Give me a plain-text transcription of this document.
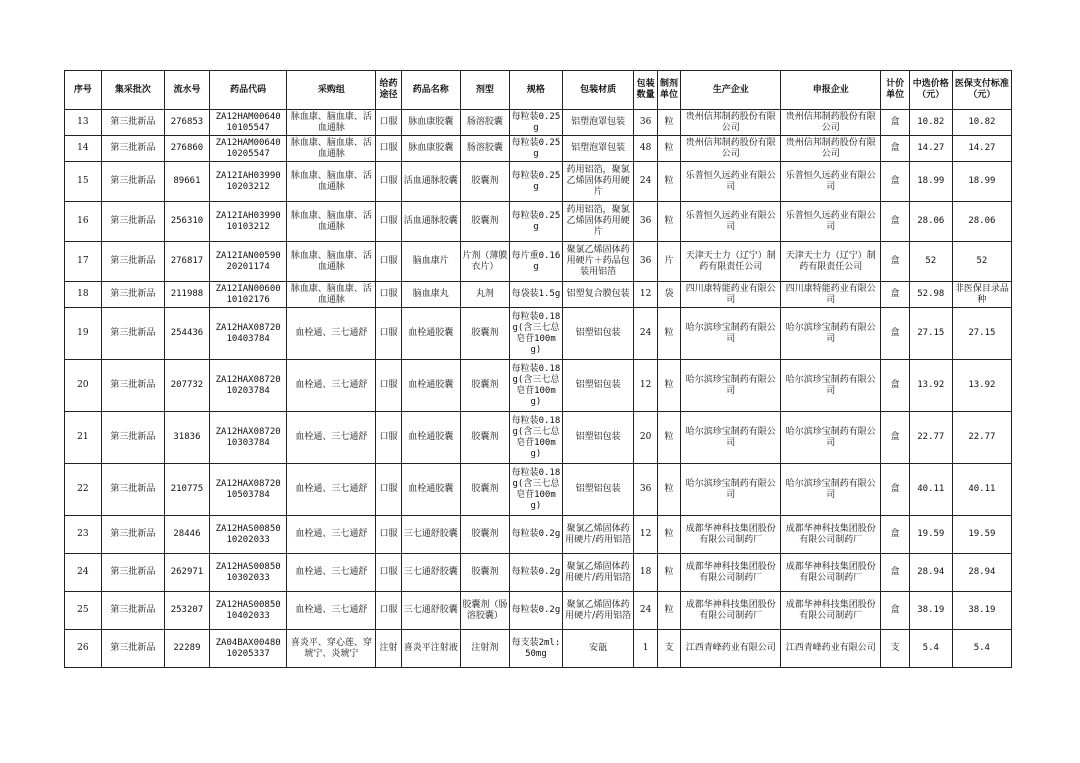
序号	集采批次	流水号	药品代码	采购组	给药途径	药品名称	剂型	规格	包装材质	包装数量	制剂单位	生产企业	申报企业	计价单位	中选价格（元）	医保支付标准（元）
13	第三批新品	276853	ZA12HAM00640 10105547	脉血康、脑血康、活血通脉	口服	脉血康胶囊	肠溶胶囊	每粒装0.25g	铝塑泡罩包装	36	粒	贵州信邦制药股份有限公司	贵州信邦制药股份有限公司	盒	10.82	10.82
14	第三批新品	276860	ZA12HAM00640 10205547	脉血康、脑血康、活血通脉	口服	脉血康胶囊	肠溶胶囊	每粒装0.25g	铝塑泡罩包装	48	粒	贵州信邦制药股份有限公司	贵州信邦制药股份有限公司	盒	14.27	14.27
15	第三批新品	89661	ZA12IAH03990 10203212	脉血康、脑血康、活血通脉	口服	活血通脉胶囊	胶囊剂	每粒装0.25g	药用铝箔，聚氯乙烯固体药用硬片	24	粒	乐普恒久远药业有限公司	乐普恒久远药业有限公司	盒	18.99	18.99
16	第三批新品	256310	ZA12IAH03990 10103212	脉血康、脑血康、活血通脉	口服	活血通脉胶囊	胶囊剂	每粒装0.25g	药用铝箔，聚氯乙烯固体药用硬片	36	粒	乐普恒久远药业有限公司	乐普恒久远药业有限公司	盒	28.06	28.06
17	第三批新品	276817	ZA12IAN00590 20201174	脉血康、脑血康、活血通脉	口服	脑血康片	片剂（薄膜衣片）	每片重0.16g	聚氯乙烯固体药用硬片＋药品包装用铝箔	36	片	天津天士力（辽宁）制药有限责任公司	天津天士力（辽宁）制药有限责任公司	盒	52	52
18	第三批新品	211988	ZA12IAN00600 10102176	脉血康、脑血康、活血通脉	口服	脑血康丸	丸剂	每袋装1.5g	铝塑复合膜包装	12	袋	四川康特能药业有限公司	四川康特能药业有限公司	盒	52.98	非医保目录品种
19	第三批新品	254436	ZA12HAX08720 10403784	血栓通、三七通舒	口服	血栓通胶囊	胶囊剂	每粒装0.18g(含三七总皂苷100mg)	铝塑铝包装	24	粒	哈尔滨珍宝制药有限公司	哈尔滨珍宝制药有限公司	盒	27.15	27.15
20	第三批新品	207732	ZA12HAX08720 10203784	血栓通、三七通舒	口服	血栓通胶囊	胶囊剂	每粒装0.18g(含三七总皂苷100mg)	铝塑铝包装	12	粒	哈尔滨珍宝制药有限公司	哈尔滨珍宝制药有限公司	盒	13.92	13.92
21	第三批新品	31836	ZA12HAX08720 10303784	血栓通、三七通舒	口服	血栓通胶囊	胶囊剂	每粒装0.18g(含三七总皂苷100mg)	铝塑铝包装	20	粒	哈尔滨珍宝制药有限公司	哈尔滨珍宝制药有限公司	盒	22.77	22.77
22	第三批新品	210775	ZA12HAX08720 10503784	血栓通、三七通舒	口服	血栓通胶囊	胶囊剂	每粒装0.18g(含三七总皂苷100mg)	铝塑铝包装	36	粒	哈尔滨珍宝制药有限公司	哈尔滨珍宝制药有限公司	盒	40.11	40.11
23	第三批新品	28446	ZA12HAS00850 10202033	血栓通、三七通舒	口服	三七通舒胶囊	胶囊剂	每粒装0.2g	聚氯乙烯固体药用硬片/药用铝箔	12	粒	成都华神科技集团股份有限公司制药厂	成都华神科技集团股份有限公司制药厂	盒	19.59	19.59
24	第三批新品	262971	ZA12HAS00850 10302033	血栓通、三七通舒	口服	三七通舒胶囊	胶囊剂	每粒装0.2g	聚氯乙烯固体药用硬片/药用铝箔	18	粒	成都华神科技集团股份有限公司制药厂	成都华神科技集团股份有限公司制药厂	盒	28.94	28.94
25	第三批新品	253207	ZA12HAS00850 10402033	血栓通、三七通舒	口服	三七通舒胶囊	胶囊剂（肠溶胶囊）	每粒装0.2g	聚氯乙烯固体药用硬片/药用铝箔	24	粒	成都华神科技集团股份有限公司制药厂	成都华神科技集团股份有限公司制药厂	盒	38.19	38.19
26	第三批新品	22289	ZA04BAX00480 10205337	喜炎平、穿心莲、穿琥宁、炎琥宁	注射	喜炎平注射液	注射剂	每支装2ml:50mg	安瓿	1	支	江西青峰药业有限公司	江西青峰药业有限公司	支	5.4	5.4
